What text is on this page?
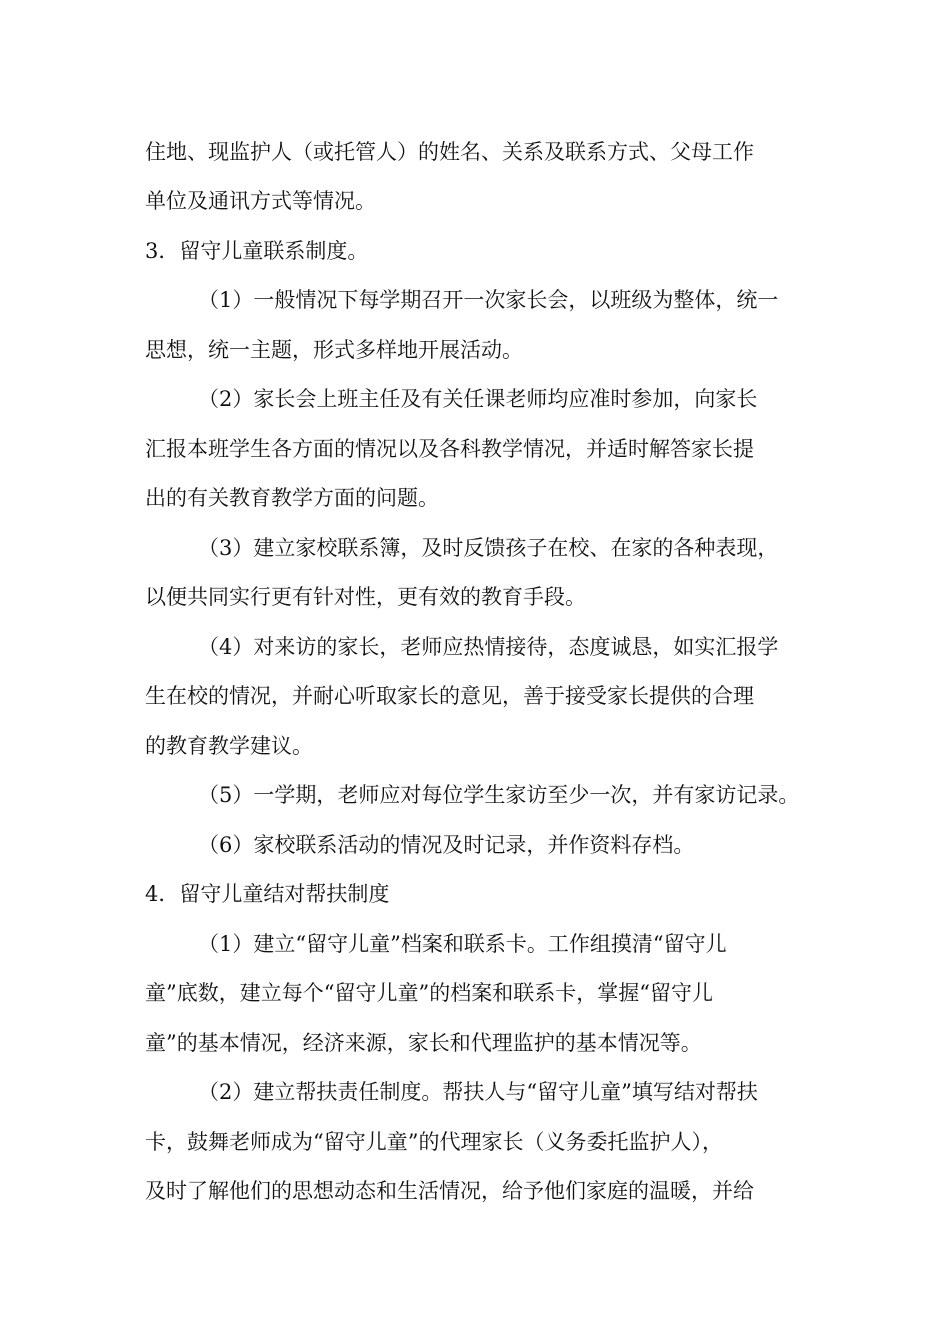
住地、现监护人（或托管人）的姓名、关系及联系方式、父母工作
单位及通讯方式等情况。
3．留守儿童联系制度。
（1）一般情况下每学期召开一次家长会，以班级为整体，统一
思想，统一主题，形式多样地开展活动。
（2）家长会上班主任及有关任课老师均应准时参加，向家长
汇报本班学生各方面的情况以及各科教学情况，并适时解答家长提
出的有关教育教学方面的问题。
（3）建立家校联系簿，及时反馈孩子在校、在家的各种表现，
以便共同实行更有针对性，更有效的教育手段。
（4）对来访的家长，老师应热情接待，态度诚恳，如实汇报学
生在校的情况，并耐心听取家长的意见，善于接受家长提供的合理
的教育教学建议。
（5）一学期，老师应对每位学生家访至少一次，并有家访记录。
（6）家校联系活动的情况及时记录，并作资料存档。
4．留守儿童结对帮扶制度
（1）建立“留守儿童”档案和联系卡。工作组摸清“留守儿
童”底数，建立每个“留守儿童”的档案和联系卡，掌握“留守儿
童”的基本情况，经济来源，家长和代理监护的基本情况等。
（2）建立帮扶责任制度。帮扶人与“留守儿童”填写结对帮扶
卡，鼓舞老师成为“留守儿童”的代理家长（义务委托监护人），
及时了解他们的思想动态和生活情况，给予他们家庭的温暖，并给
